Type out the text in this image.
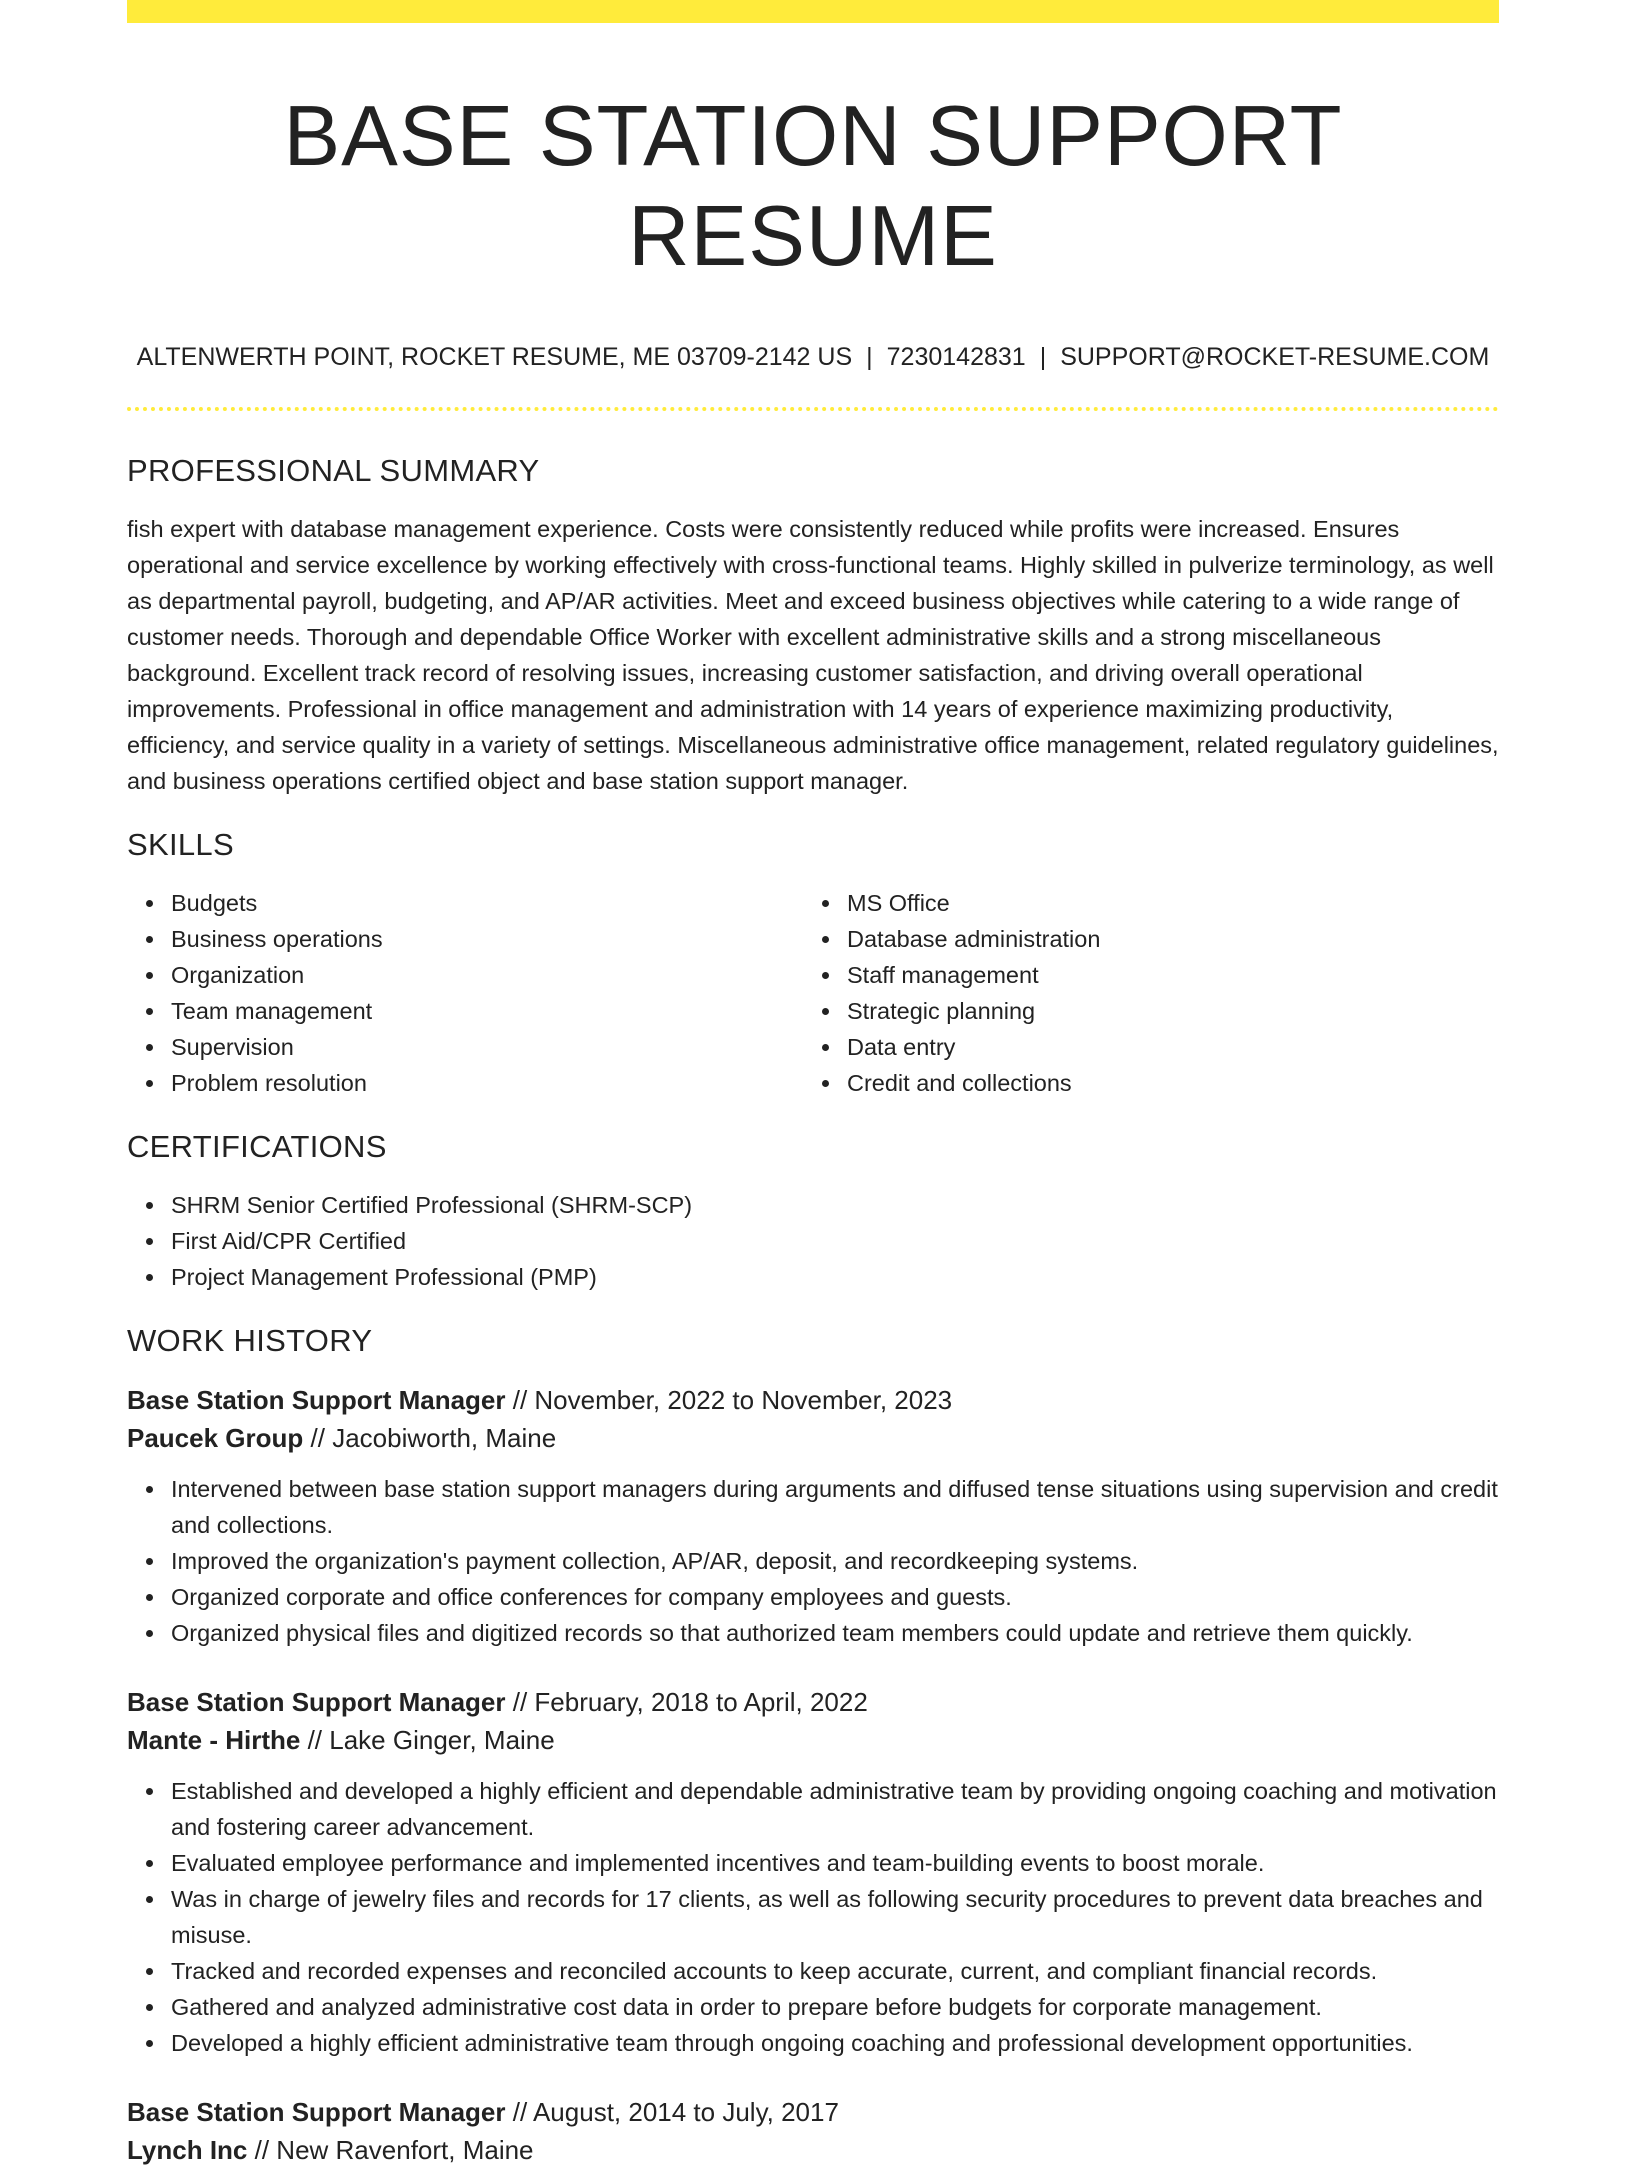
BASE STATION SUPPORT RESUME
ALTENWERTH POINT, ROCKET RESUME, ME 03709-2142 US | 7230142831 | SUPPORT@ROCKET-RESUME.COM
PROFESSIONAL SUMMARY

fish expert with database management experience. Costs were consistently reduced while profits were increased. Ensures operational and service excellence by working effectively with cross-functional teams. Highly skilled in pulverize terminology, as well as departmental payroll, budgeting, and AP/AR activities. Meet and exceed business objectives while catering to a wide range of customer needs. Thorough and dependable Office Worker with excellent administrative skills and a strong miscellaneous background. Excellent track record of resolving issues, increasing customer satisfaction, and driving overall operational improvements. Professional in office management and administration with 14 years of experience maximizing productivity, efficiency, and service quality in a variety of settings. Miscellaneous administrative office management, related regulatory guidelines, and business operations certified object and base station support manager.

SKILLS
Budgets
Business operations
Organization
Team management
Supervision
Problem resolution
MS Office
Database administration
Staff management
Strategic planning
Data entry
Credit and collections
CERTIFICATIONS
SHRM Senior Certified Professional (SHRM-SCP)
First Aid/CPR Certified
Project Management Professional (PMP)
WORK HISTORY
Base Station Support Manager // November, 2022 to November, 2023
Paucek Group // Jacobiworth, Maine
Intervened between base station support managers during arguments and diffused tense situations using supervision and credit and collections.
Improved the organization's payment collection, AP/AR, deposit, and recordkeeping systems.
Organized corporate and office conferences for company employees and guests.
Organized physical files and digitized records so that authorized team members could update and retrieve them quickly.
Base Station Support Manager // February, 2018 to April, 2022
Mante - Hirthe // Lake Ginger, Maine
Established and developed a highly efficient and dependable administrative team by providing ongoing coaching and motivation and fostering career advancement.
Evaluated employee performance and implemented incentives and team-building events to boost morale.
Was in charge of jewelry files and records for 17 clients, as well as following security procedures to prevent data breaches and misuse.
Tracked and recorded expenses and reconciled accounts to keep accurate, current, and compliant financial records.
Gathered and analyzed administrative cost data in order to prepare before budgets for corporate management.
Developed a highly efficient administrative team through ongoing coaching and professional development opportunities.
Base Station Support Manager // August, 2014 to July, 2017
Lynch Inc // New Ravenfort, Maine
